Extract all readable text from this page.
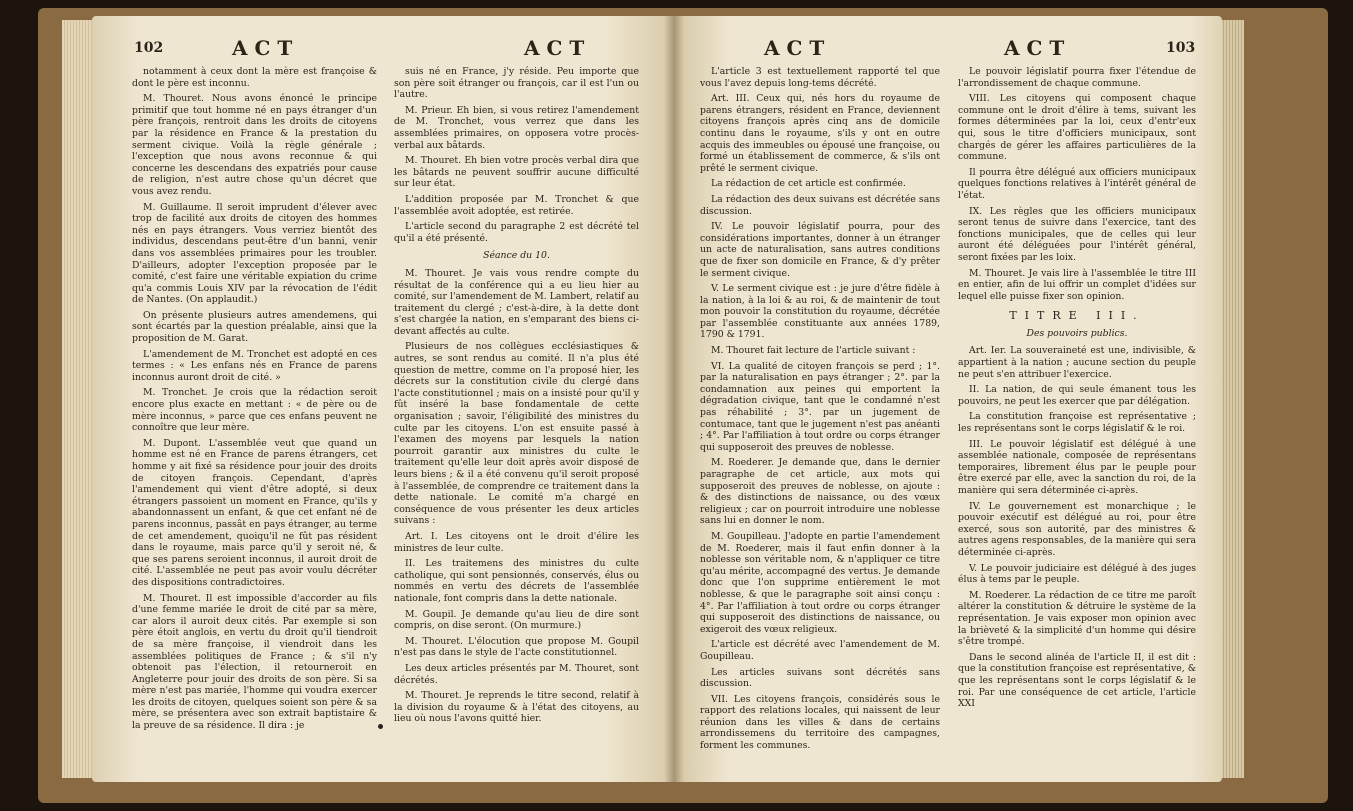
102	ACT	ACT

notamment à ceux dont la mère est françoise & dont le père est inconnu.

M. Thouret. Nous avons énoncé le principe primitif que tout homme né en pays étranger d'un père françois, rentroit dans les droits de citoyens par la résidence en France & la prestation du serment civique. Voilà la règle générale ; l'exception que nous avons reconnue & qui concerne les descendans des expatriés pour cause de religion, n'est autre chose qu'un décret que vous avez rendu.

M. Guillaume. Il seroit imprudent d'élever avec trop de facilité aux droits de citoyen des hommes nés en pays étrangers. Vous verriez bientôt des individus, descendans peut-être d'un banni, venir dans vos assemblées primaires pour les troubler. D'ailleurs, adopter l'exception proposée par le comité, c'est faire une véritable expiation du crime qu'a commis Louis XIV par la révocation de l'édit de Nantes. (On applaudit.)

On présente plusieurs autres amendemens, qui sont écartés par la question préalable, ainsi que la proposition de M. Garat.

L'amendement de M. Tronchet est adopté en ces termes : « Les enfans nés en France de parens inconnus auront droit de cité. »

M. Tronchet. Je crois que la rédaction seroit encore plus exacte en mettant : « de père ou de mère inconnus, » parce que ces enfans peuvent ne connoître que leur mère.

M. Dupont. L'assemblée veut que quand un homme est né en France de parens étrangers, cet homme y ait fixé sa résidence pour jouir des droits de citoyen françois. Cependant, d'après l'amendement qui vient d'être adopté, si deux étrangers passoient un moment en France, qu'ils y abandonnassent un enfant, & que cet enfant né de parens inconnus, passât en pays étranger, au terme de cet amendement, quoiqu'il ne fût pas résident dans le royaume, mais parce qu'il y seroit né, & que ses parens seroient inconnus, il auroit droit de cité. L'assemblée ne peut pas avoir voulu décréter des dispositions contradictoires.

M. Thouret. Il est impossible d'accorder au fils d'une femme mariée le droit de cité par sa mère, car alors il auroit deux cités. Par exemple si son père étoit anglois, en vertu du droit qu'il tiendroit de sa mère françoise, il viendroit dans les assemblées politiques de France ; & s'il n'y obtenoit pas l'élection, il retourneroit en Angleterre pour jouir des droits de son père. Si sa mère n'est pas mariée, l'homme qui voudra exercer les droits de citoyen, quelques soient son père & sa mère, se présentera avec son extrait baptistaire & la preuve de sa résidence. Il dira : je

suis né en France, j'y réside. Peu importe que son père soit étranger ou françois, car il est l'un ou l'autre.

M. Prieur. Eh bien, si vous retirez l'amendement de M. Tronchet, vous verrez que dans les assemblées primaires, on opposera votre procès-verbal aux bâtards.

M. Thouret. Eh bien votre procès verbal dira que les bâtards ne peuvent souffrir aucune difficulté sur leur état.

L'addition proposée par M. Tronchet & que l'assemblée avoit adoptée, est retirée.

L'article second du paragraphe 2 est décrété tel qu'il a été présenté.

Séance du 10.

M. Thouret. Je vais vous rendre compte du résultat de la conférence qui a eu lieu hier au comité, sur l'amendement de M. Lambert, relatif au traitement du clergé ; c'est-à-dire, à la dette dont s'est chargée la nation, en s'emparant des biens ci-devant affectés au culte.

Plusieurs de nos collègues ecclésiastiques & autres, se sont rendus au comité. Il n'a plus été question de mettre, comme on l'a proposé hier, les décrets sur la constitution civile du clergé dans l'acte constitutionnel ; mais on a insisté pour qu'il y fût inséré la base fondamentale de cette organisation ; savoir, l'éligibilité des ministres du culte par les citoyens. L'on est ensuite passé à l'examen des moyens par lesquels la nation pourroit garantir aux ministres du culte le traitement qu'elle leur doit après avoir disposé de leurs biens ; & il a été convenu qu'il seroit proposé à l'assemblée, de comprendre ce traitement dans la dette nationale. Le comité m'a chargé en conséquence de vous présenter les deux articles suivans :

Art. I. Les citoyens ont le droit d'élire les ministres de leur culte.

II. Les traitemens des ministres du culte catholique, qui sont pensionnés, conservés, élus ou nommés en vertu des décrets de l'assemblée nationale, font compris dans la dette nationale.

M. Goupil. Je demande qu'au lieu de dire sont compris, on dise seront. (On murmure.)

M. Thouret. L'élocution que propose M. Goupil n'est pas dans le style de l'acte constitutionnel.

Les deux articles présentés par M. Thouret, sont décrétés.

M. Thouret. Je reprends le titre second, relatif à la division du royaume & à l'état des citoyens, au lieu où nous l'avons quitté hier.

ACT	ACT	103

L'article 3 est textuellement rapporté tel que vous l'avez depuis long-tems décrété.

Art. III. Ceux qui, nés hors du royaume de parens étrangers, résident en France, deviennent citoyens françois après cinq ans de domicile continu dans le royaume, s'ils y ont en outre acquis des immeubles ou épousé une françoise, ou formé un établissement de commerce, & s'ils ont prêté le serment civique.

La rédaction de cet article est confirmée.

La rédaction des deux suivans est décrétée sans discussion.

IV. Le pouvoir législatif pourra, pour des considérations importantes, donner à un étranger un acte de naturalisation, sans autres conditions que de fixer son domicile en France, & d'y prêter le serment civique.

V. Le serment civique est : je jure d'être fidèle à la nation, à la loi & au roi, & de maintenir de tout mon pouvoir la constitution du royaume, décrétée par l'assemblée constituante aux années 1789, 1790 & 1791.

M. Thouret fait lecture de l'article suivant :

VI. La qualité de citoyen françois se perd ; 1°. par la naturalisation en pays étranger ; 2°. par la condamnation aux peines qui emportent la dégradation civique, tant que le condamné n'est pas réhabilité ; 3°. par un jugement de contumace, tant que le jugement n'est pas anéanti ; 4°. Par l'affiliation à tout ordre ou corps étranger qui supposeroit des preuves de noblesse.

M. Roederer. Je demande que, dans le dernier paragraphe de cet article, aux mots qui supposeroit des preuves de noblesse, on ajoute : & des distinctions de naissance, ou des vœux religieux ; car on pourroit introduire une noblesse sans lui en donner le nom.

M. Goupilleau. J'adopte en partie l'amendement de M. Roederer, mais il faut enfin donner à la noblesse son véritable nom, & n'appliquer ce titre qu'au mérite, accompagné des vertus. Je demande donc que l'on supprime entièrement le mot noblesse, & que le paragraphe soit ainsi conçu : 4°. Par l'affiliation à tout ordre ou corps étranger qui supposeroit des distinctions de naissance, ou exigeroit des vœux religieux.

L'article est décrété avec l'amendement de M. Goupilleau.

Les articles suivans sont décrétés sans discussion.

VII. Les citoyens françois, considérés sous le rapport des relations locales, qui naissent de leur réunion dans les villes & dans de certains arrondissemens du territoire des campagnes, forment les communes.

Le pouvoir législatif pourra fixer l'étendue de l'arrondissement de chaque commune.

VIII. Les citoyens qui composent chaque commune ont le droit d'élire à tems, suivant les formes déterminées par la loi, ceux d'entr'eux qui, sous le titre d'officiers municipaux, sont chargés de gérer les affaires particulières de la commune.

Il pourra être délégué aux officiers municipaux quelques fonctions relatives à l'intérêt général de l'état.

IX. Les règles que les officiers municipaux seront tenus de suivre dans l'exercice, tant des fonctions municipales, que de celles qui leur auront été déléguées pour l'intérêt général, seront fixées par les loix.

M. Thouret. Je vais lire à l'assemblée le titre III en entier, afin de lui offrir un complet d'idées sur lequel elle puisse fixer son opinion.

TITRE III.

Des pouvoirs publics.

Art. Ier. La souveraineté est une, indivisible, & appartient à la nation ; aucune section du peuple ne peut s'en attribuer l'exercice.

II. La nation, de qui seule émanent tous les pouvoirs, ne peut les exercer que par délégation.

La constitution françoise est représentative ; les représentans sont le corps législatif & le roi.

III. Le pouvoir législatif est délégué à une assemblée nationale, composée de représentans temporaires, librement élus par le peuple pour être exercé par elle, avec la sanction du roi, de la manière qui sera déterminée ci-après.

IV. Le gouvernement est monarchique ; le pouvoir exécutif est délégué au roi, pour être exercé, sous son autorité, par des ministres & autres agens responsables, de la manière qui sera déterminée ci-après.

V. Le pouvoir judiciaire est délégué à des juges élus à tems par le peuple.

M. Roederer. La rédaction de ce titre me paroît altérer la constitution & détruire le système de la représentation. Je vais exposer mon opinion avec la brièveté & la simplicité d'un homme qui désire s'être trompé.

Dans le second alinéa de l'article II, il est dit : que la constitution françoise est représentative, & que les représentans sont le corps législatif & le roi. Par une conséquence de cet article, l'article XXI
